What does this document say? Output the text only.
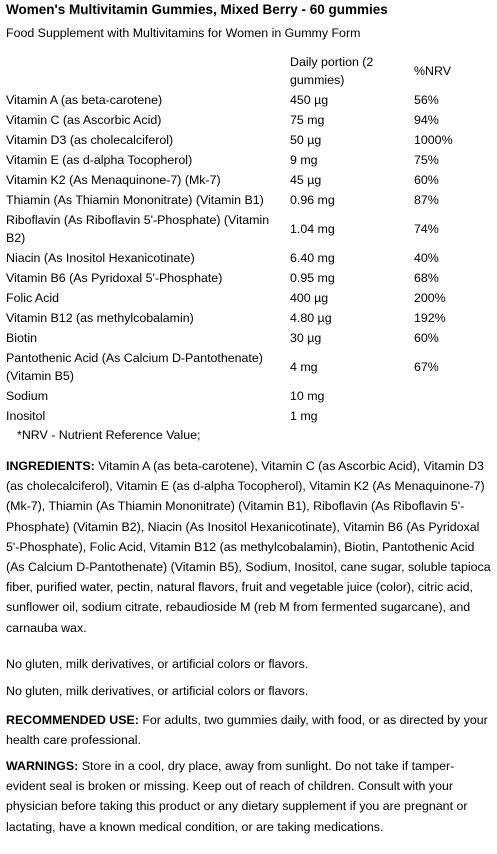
Women's Multivitamin Gummies, Mixed Berry - 60 gummies
Food Supplement with Multivitamins for Women in Gummy Form
	Daily portion (2 gummies)	%NRV
Vitamin A (as beta-carotene)	450 µg	56%
Vitamin C (as Ascorbic Acid)	75 mg	94%
Vitamin D3 (as cholecalciferol)	50 µg	1000%
Vitamin E (as d-alpha Tocopherol)	9 mg	75%
Vitamin K2 (As Menaquinone-7) (Mk-7)	45 µg	60%
Thiamin (As Thiamin Mononitrate) (Vitamin B1)	0.96 mg	87%
Riboflavin (As Riboflavin 5'-Phosphate) (Vitamin B2)	1.04 mg	74%
Niacin (As Inositol Hexanicotinate)	6.40 mg	40%
Vitamin B6 (As Pyridoxal 5'-Phosphate)	0.95 mg	68%
Folic Acid	400 µg	200%
Vitamin B12 (as methylcobalamin)	4.80 µg	192%
Biotin	30 µg	60%
Pantothenic Acid (As Calcium D-Pantothenate) (Vitamin B5)	4 mg	67%
Sodium	10 mg	
Inositol	1 mg	
*NRV - Nutrient Reference Value;
INGREDIENTS: Vitamin A (as beta-carotene), Vitamin C (as Ascorbic Acid), Vitamin D3 (as cholecalciferol), Vitamin E (as d-alpha Tocopherol), Vitamin K2 (As Menaquinone-7) (Mk-7), Thiamin (As Thiamin Mononitrate) (Vitamin B1), Riboflavin (As Riboflavin 5'-Phosphate) (Vitamin B2), Niacin (As Inositol Hexanicotinate), Vitamin B6 (As Pyridoxal 5'-Phosphate), Folic Acid, Vitamin B12 (as methylcobalamin), Biotin, Pantothenic Acid (As Calcium D-Pantothenate) (Vitamin B5), Sodium, Inositol, cane sugar, soluble tapioca fiber, purified water, pectin, natural flavors, fruit and vegetable juice (color), citric acid, sunflower oil, sodium citrate, rebaudioside M (reb M from fermented sugarcane), and carnauba wax.
No gluten, milk derivatives, or artificial colors or flavors.
No gluten, milk derivatives, or artificial colors or flavors.
RECOMMENDED USE: For adults, two gummies daily, with food, or as directed by your health care professional.
WARNINGS: Store in a cool, dry place, away from sunlight. Do not take if tamper-evident seal is broken or missing. Keep out of reach of children. Consult with your physician before taking this product or any dietary supplement if you are pregnant or lactating, have a known medical condition, or are taking medications.
